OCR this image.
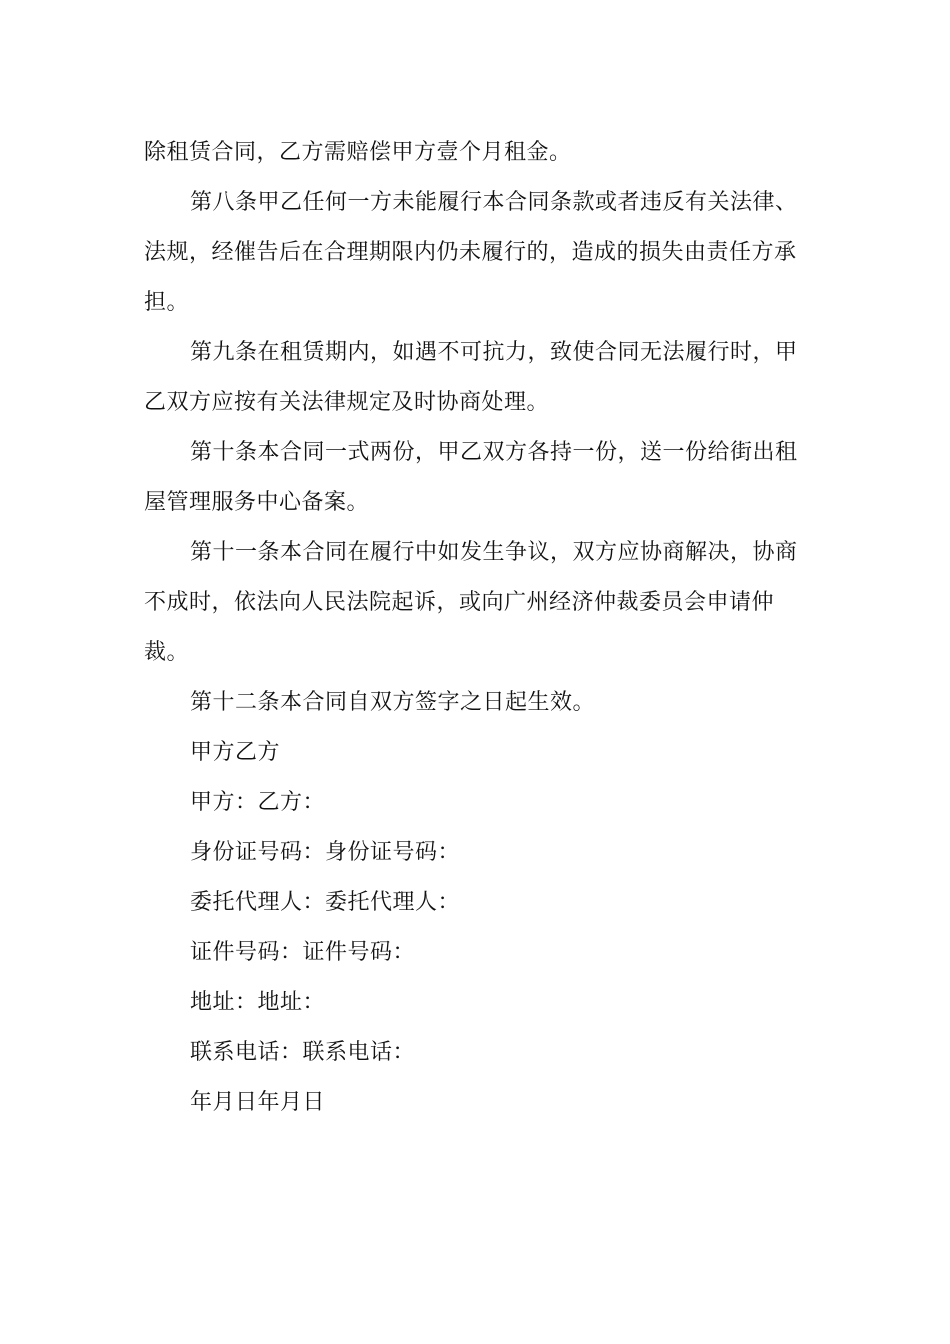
除租赁合同，乙方需赔偿甲方壹个月租金。

第八条甲乙任何一方未能履行本合同条款或者违反有关法律、法规，经催告后在合理期限内仍未履行的，造成的损失由责任方承担。

第九条在租赁期内，如遇不可抗力，致使合同无法履行时，甲乙双方应按有关法律规定及时协商处理。

第十条本合同一式两份，甲乙双方各持一份，送一份给街出租屋管理服务中心备案。

第十一条本合同在履行中如发生争议，双方应协商解决，协商不成时，依法向人民法院起诉，或向广州经济仲裁委员会申请仲裁。

第十二条本合同自双方签字之日起生效。

甲方乙方

甲方：乙方：

身份证号码：身份证号码：

委托代理人：委托代理人：

证件号码：证件号码：

地址：地址：

联系电话：联系电话：

年月日年月日
